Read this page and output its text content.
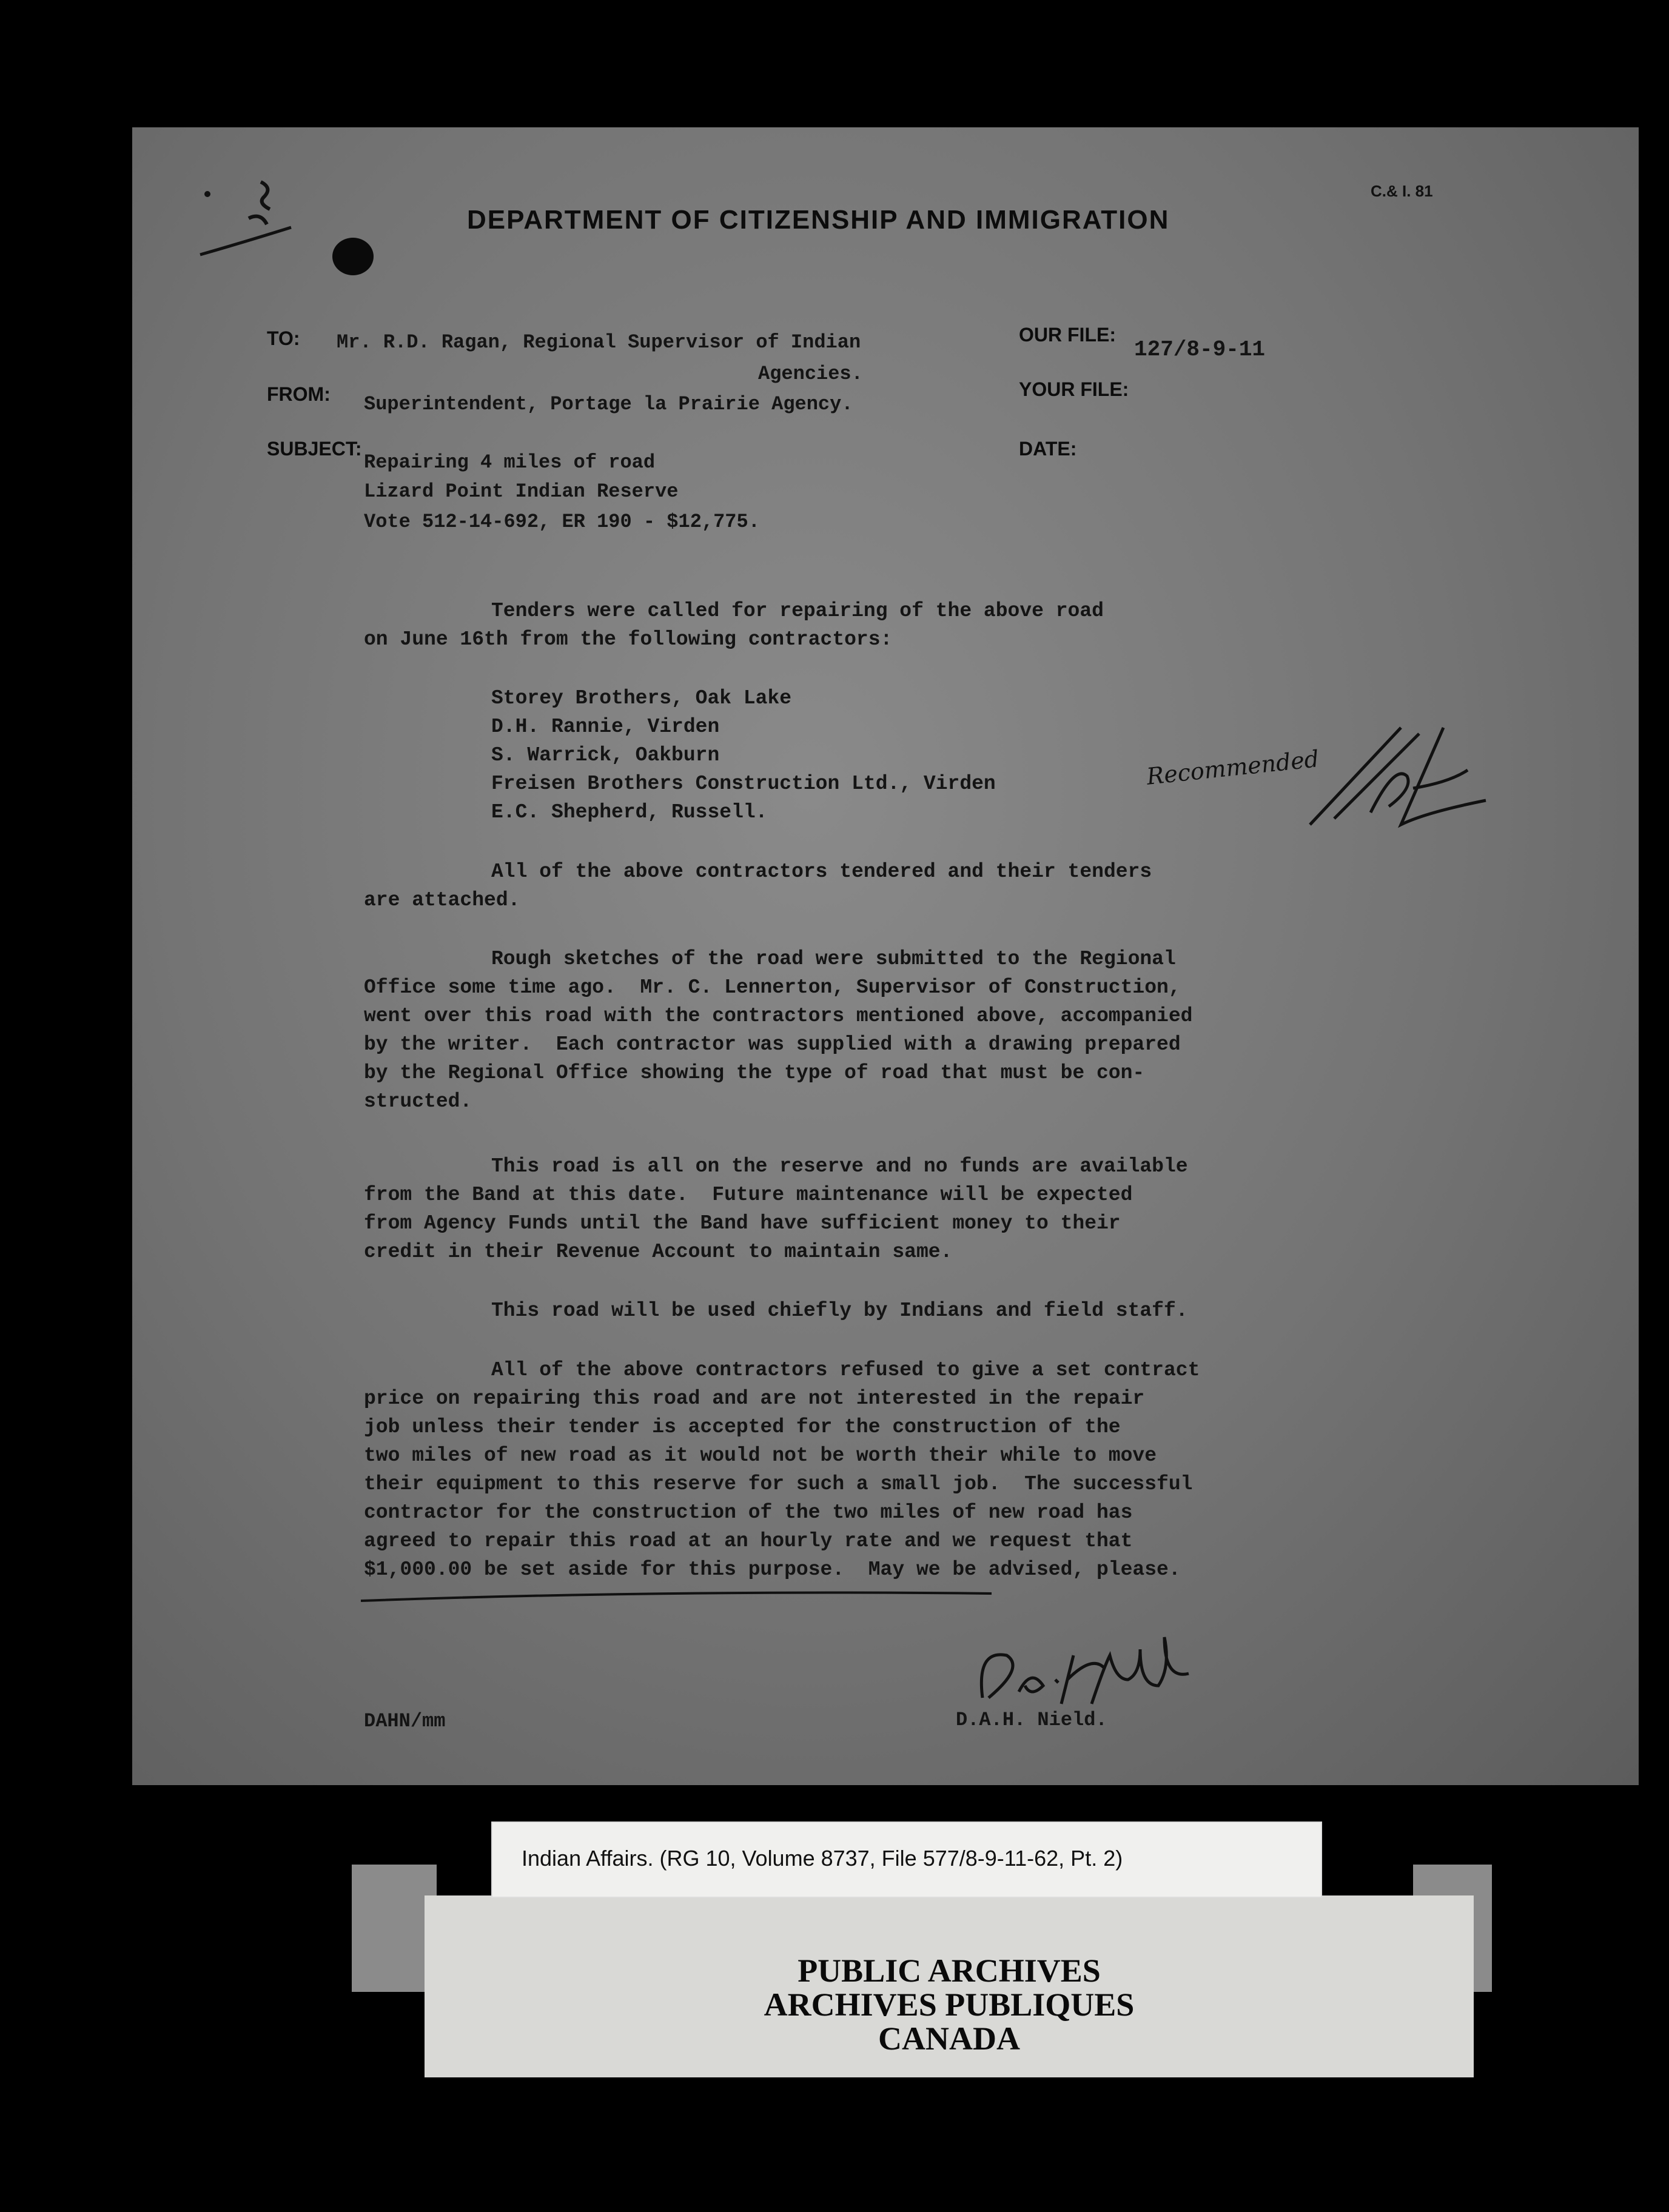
C.& I. 81
DEPARTMENT OF CITIZENSHIP AND IMMIGRATION
TO: Mr. R.D. Ragan, Regional Supervisor of Indian
Agencies.
FROM: Superintendent, Portage la Prairie Agency.
OUR FILE:
127/8-9-11
YOUR FILE:
DATE:
SUBJECT:
Repairing 4 miles of road
Lizard Point Indian Reserve
Vote 512-14-692, ER 190 - $12,775.
Tenders were called for repairing of the above road
on June 16th from the following contractors:
Storey Brothers, Oak Lake
D.H. Rannie, Virden
S. Warrick, Oakburn
Freisen Brothers Construction Ltd., Virden
E.C. Shepherd, Russell.
Recommended
All of the above contractors tendered and their tenders
are attached.
Rough sketches of the road were submitted to the Regional
Office some time ago.  Mr. C. Lennerton, Supervisor of Construction,
went over this road with the contractors mentioned above, accompanied
by the writer.  Each contractor was supplied with a drawing prepared
by the Regional Office showing the type of road that must be con-
structed.
This road is all on the reserve and no funds are available
from the Band at this date.  Future maintenance will be expected
from Agency Funds until the Band have sufficient money to their
credit in their Revenue Account to maintain same.
This road will be used chiefly by Indians and field staff.
All of the above contractors refused to give a set contract
price on repairing this road and are not interested in the repair
job unless their tender is accepted for the construction of the
two miles of new road as it would not be worth their while to move
their equipment to this reserve for such a small job.  The successful
contractor for the construction of the two miles of new road has
agreed to repair this road at an hourly rate and we request that
$1,000.00 be set aside for this purpose.  May we be advised, please.
DAHN/mm	D.A.H. Nield.
PUBLIC ARCHIVES
ARCHIVES PUBLIQUES
CANADA
Indian Affairs. (RG 10, Volume 8737, File 577/8-9-11-62, Pt. 2)
